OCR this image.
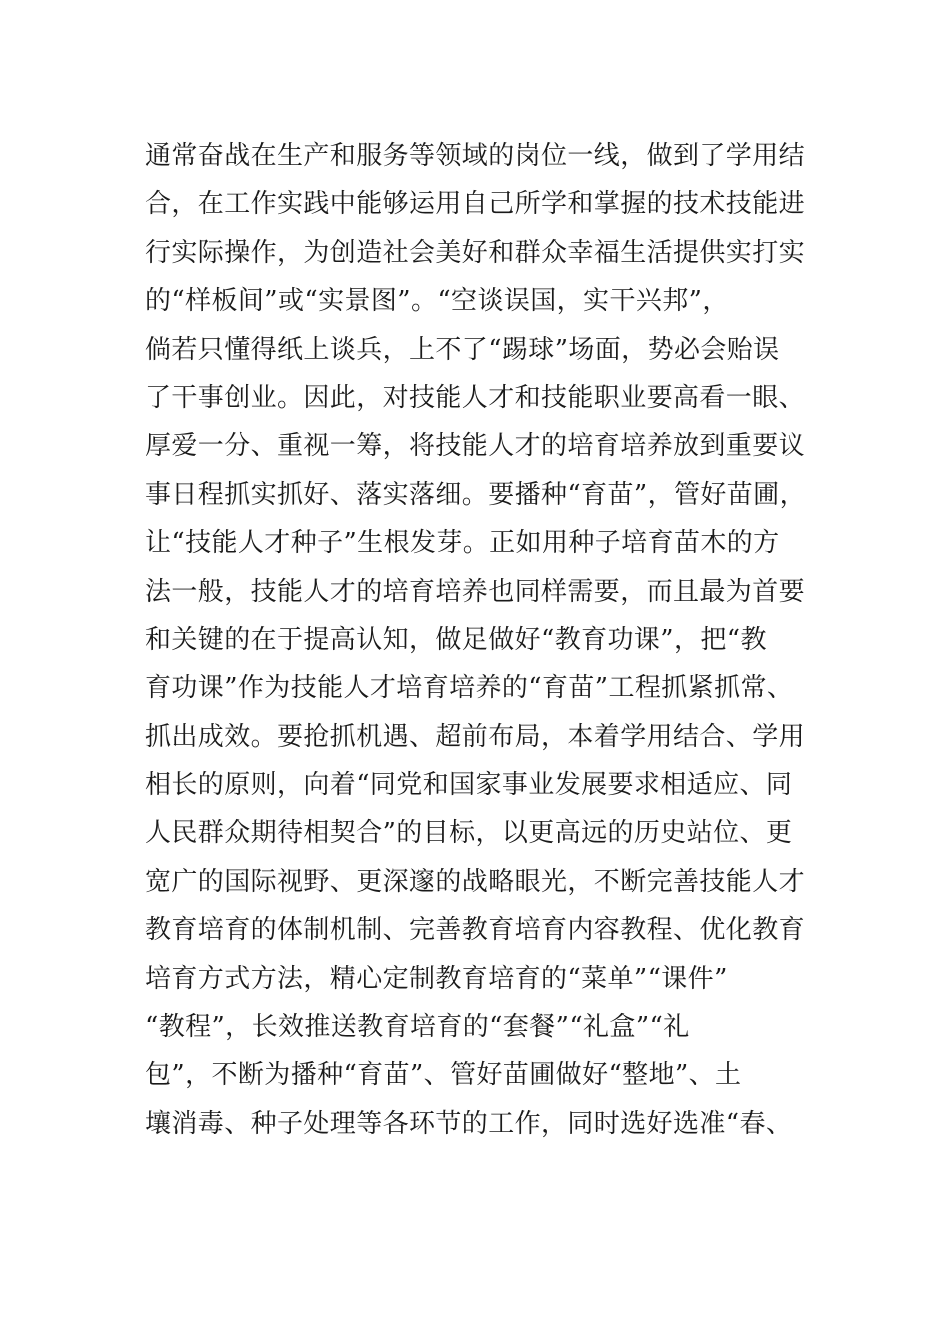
通常奋战在生产和服务等领域的岗位一线，做到了学用结
合，在工作实践中能够运用自己所学和掌握的技术技能进
行实际操作，为创造社会美好和群众幸福生活提供实打实
的“样板间”或“实景图”。“空谈误国，实干兴邦”，
倘若只懂得纸上谈兵，上不了“踢球”场面，势必会贻误
了干事创业。因此，对技能人才和技能职业要高看一眼、
厚爱一分、重视一筹，将技能人才的培育培养放到重要议
事日程抓实抓好、落实落细。要播种“育苗”，管好苗圃，
让“技能人才种子”生根发芽。正如用种子培育苗木的方
法一般，技能人才的培育培养也同样需要，而且最为首要
和关键的在于提高认知，做足做好“教育功课”，把“教
育功课”作为技能人才培育培养的“育苗”工程抓紧抓常、
抓出成效。要抢抓机遇、超前布局，本着学用结合、学用
相长的原则，向着“同党和国家事业发展要求相适应、同
人民群众期待相契合”的目标，以更高远的历史站位、更
宽广的国际视野、更深邃的战略眼光，不断完善技能人才
教育培育的体制机制、完善教育培育内容教程、优化教育
培育方式方法，精心定制教育培育的“菜单”“课件”
“教程”，长效推送教育培育的“套餐”“礼盒”“礼
包”，不断为播种“育苗”、管好苗圃做好“整地”、土
壤消毒、种子处理等各环节的工作，同时选好选准“春、
